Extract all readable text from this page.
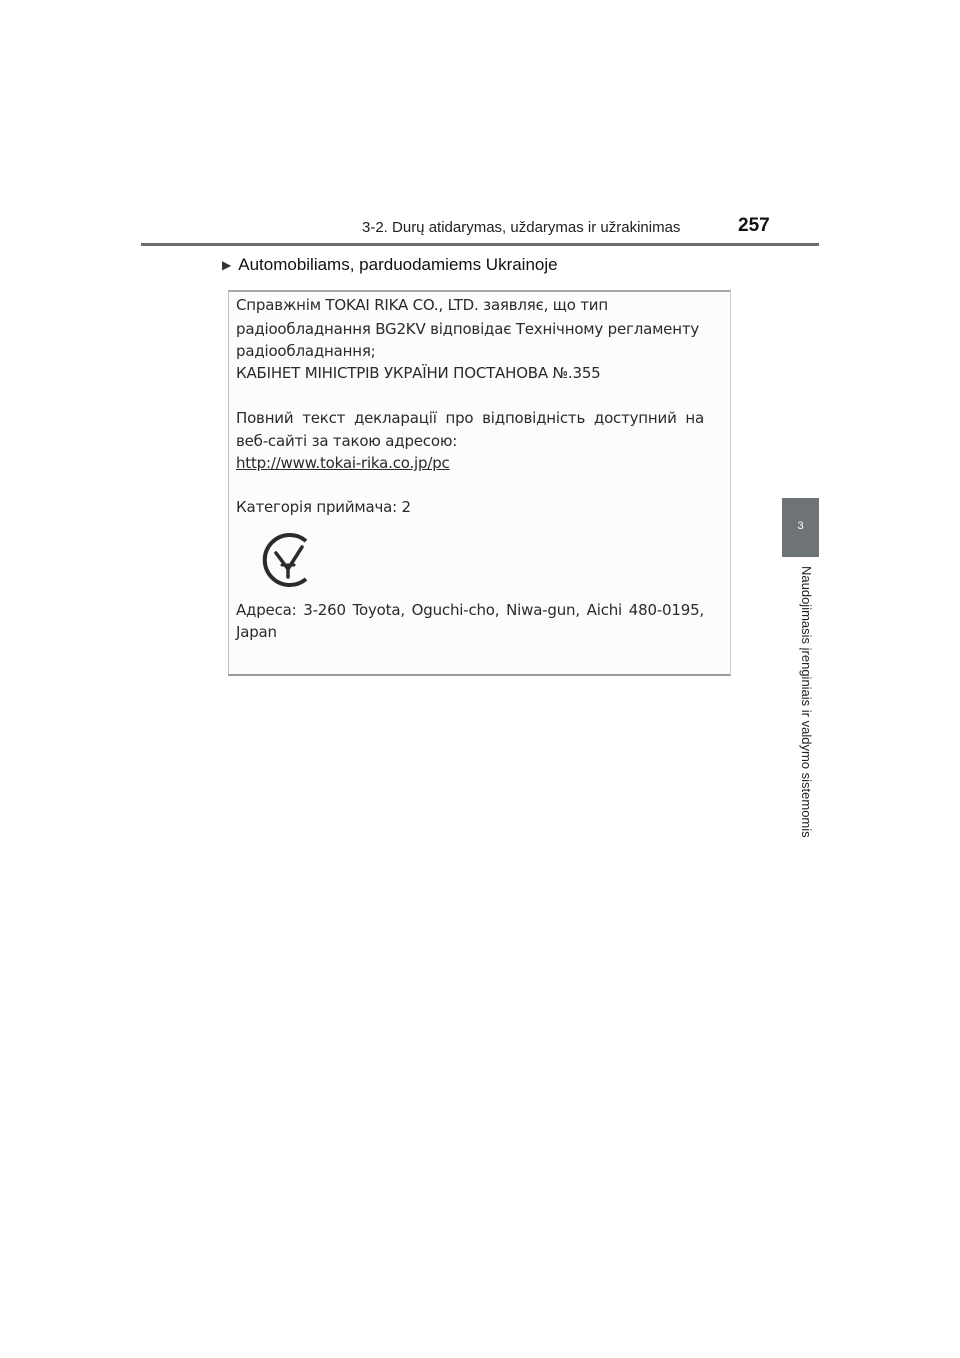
3-2. Durų atidarymas, uždarymas ir užrakinimas	257
▶ Automobiliams, parduodamiems Ukrainoje
3
Naudojimasis įrenginiais ir valdymo sistemomis
Справжнім TOKAI RIKA CO., LTD. заявляє, що тип
радіообладнання BG2KV відповідає Технічному регламенту
радіообладнання;
КАБІНЕТ МІНІСТРІВ УКРАЇНИ ПОСТАНОВА №.355
Повний текст декларації про відповідність доступний на
веб-сайті за такою адресою:
http://www.tokai-rika.co.jp/pc
Категорія приймача: 2
Адреса: 3-260 Toyota, Oguchi-cho, Niwa-gun, Aichi 480-0195,
Japan
